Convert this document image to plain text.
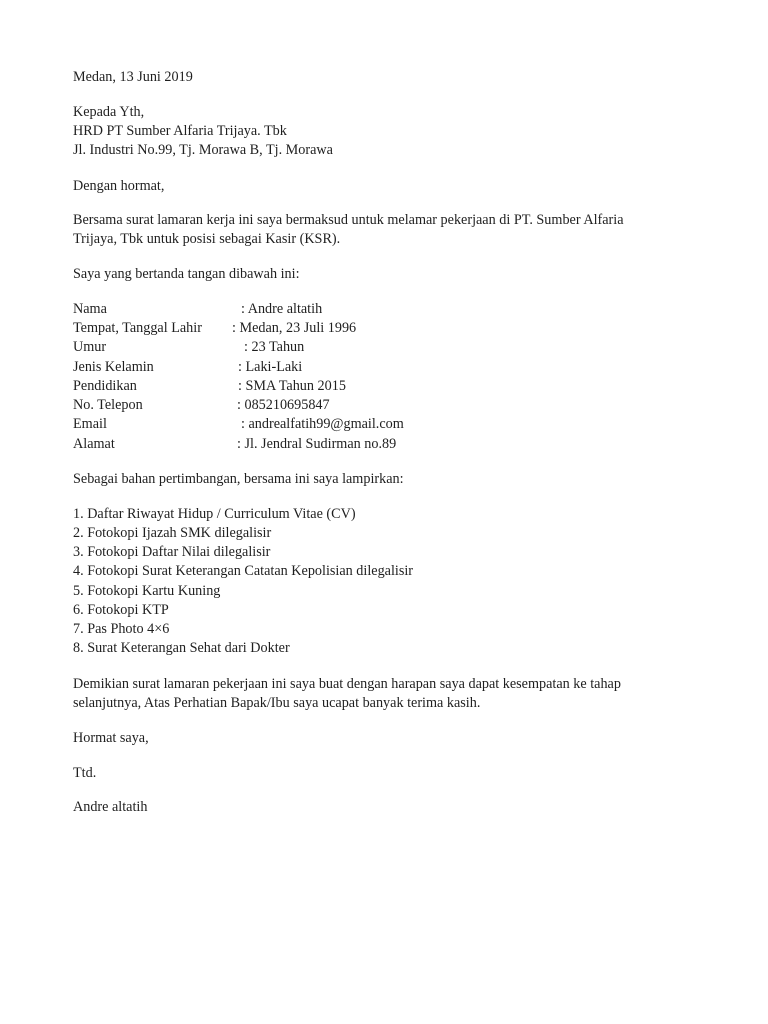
Medan, 13 Juni 2019
Kepada Yth,
HRD PT Sumber Alfaria Trijaya. Tbk
Jl. Industri No.99, Tj. Morawa B, Tj. Morawa
Dengan hormat,
Bersama surat lamaran kerja ini saya bermaksud untuk melamar pekerjaan di PT. Sumber Alfaria
Trijaya, Tbk untuk posisi sebagai Kasir (KSR).
Saya yang bertanda tangan dibawah ini:
Nama	: Andre altatih
Tempat, Tanggal Lahir : Medan, 23 Juli 1996
Umur	: 23 Tahun
Jenis Kelamin	: Laki-Laki
Pendidikan	: SMA Tahun 2015
No. Telepon	: 085210695847
Email	: andrealfatih99@gmail.com
Alamat	: Jl. Jendral Sudirman no.89
Sebagai bahan pertimbangan, bersama ini saya lampirkan:
1. Daftar Riwayat Hidup / Curriculum Vitae (CV)
2. Fotokopi Ijazah SMK dilegalisir
3. Fotokopi Daftar Nilai dilegalisir
4. Fotokopi Surat Keterangan Catatan Kepolisian dilegalisir
5. Fotokopi Kartu Kuning
6. Fotokopi KTP
7. Pas Photo 4×6
8. Surat Keterangan Sehat dari Dokter
Demikian surat lamaran pekerjaan ini saya buat dengan harapan saya dapat kesempatan ke tahap
selanjutnya, Atas Perhatian Bapak/Ibu saya ucapat banyak terima kasih.
Hormat saya,
Ttd.
Andre altatih
